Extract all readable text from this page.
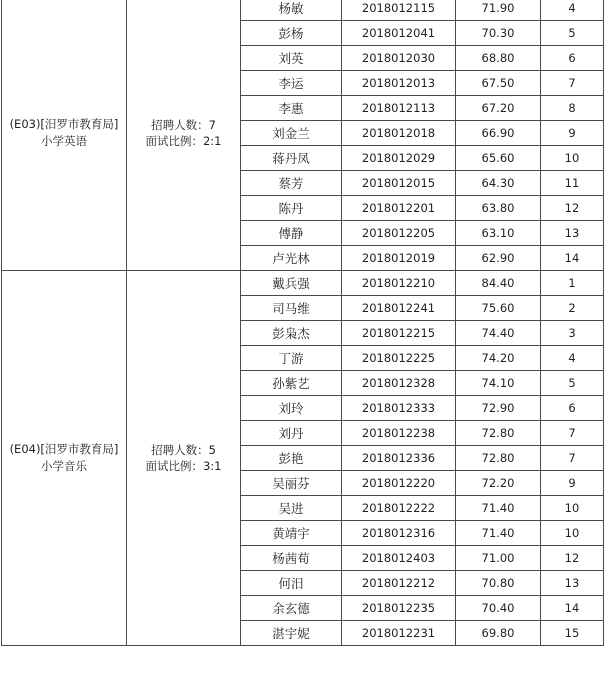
(E03)[汨罗市教育局]
小学英语	招聘人数：7
面试比例：2:1	杨敏	2018012115	71.90	4
		彭杨	2018012041	70.30	5
		刘英	2018012030	68.80	6
		李运	2018012013	67.50	7
		李惠	2018012113	67.20	8
		刘金兰	2018012018	66.90	9
		蒋丹凤	2018012029	65.60	10
		蔡芳	2018012015	64.30	11
		陈丹	2018012201	63.80	12
		傅静	2018012205	63.10	13
		卢光林	2018012019	62.90	14

(E04)[汨罗市教育局]
小学音乐	招聘人数：5
面试比例：3:1	戴兵强	2018012210	84.40	1
		司马维	2018012241	75.60	2
		彭枭杰	2018012215	74.40	3
		丁游	2018012225	74.20	4
		孙紫艺	2018012328	74.10	5
		刘玲	2018012333	72.90	6
		刘丹	2018012238	72.80	7
		彭艳	2018012336	72.80	7
		吴丽芬	2018012220	72.20	9
		吴进	2018012222	71.40	10
		黄靖宇	2018012316	71.40	10
		杨茜荀	2018012403	71.00	12
		何汨	2018012212	70.80	13
		余玄德	2018012235	70.40	14
		湛宇妮	2018012231	69.80	15
